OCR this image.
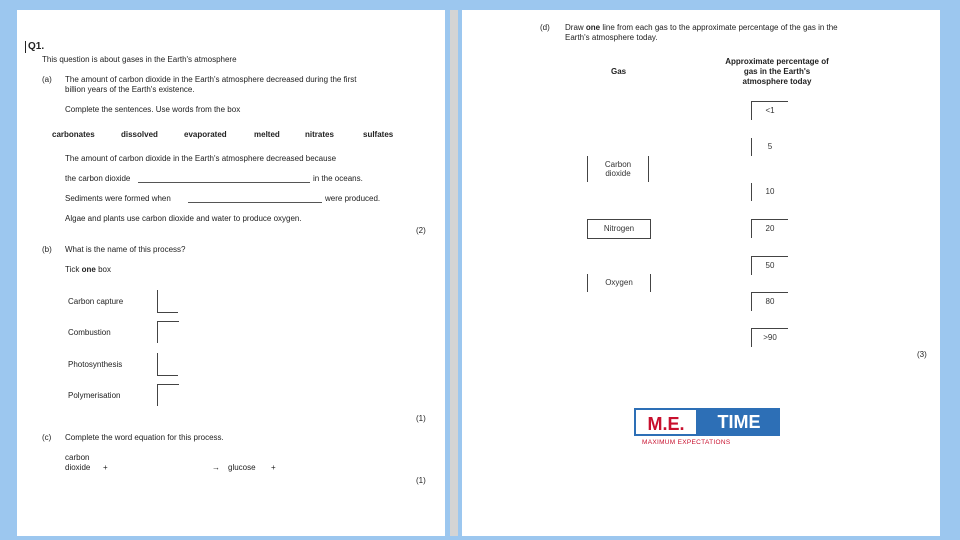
Q1.
This question is about gases in the Earth's atmosphere
(a) The amount of carbon dioxide in the Earth's atmosphere decreased during the first
billion years of the Earth's existence.
Complete the sentences. Use words from the box
carbonates	dissolved	evaporated	melted	nitrates	sulfates
The amount of carbon dioxide in the Earth's atmosphere decreased because
the carbon dioxide	in the oceans.
Sediments were formed when	were produced.
Algae and plants use carbon dioxide and water to produce oxygen.
(2)
(b) What is the name of this process?
Tick one box
Carbon capture
Combustion
Photosynthesis
Polymerisation
(1)
(c) Complete the word equation for this process.
carbon
dioxide +	→ glucose +
(1)
(d) Draw one line from each gas to the approximate percentage of the gas in the
Earth's atmosphere today.
Gas
Approximate percentage of
gas in the Earth's
atmosphere today
Carbon
dioxide
Nitrogen
Oxygen
<1
5
10
20
50
80
>90
(3)
M.E.	TIME
MAXIMUM EXPECTATIONS
